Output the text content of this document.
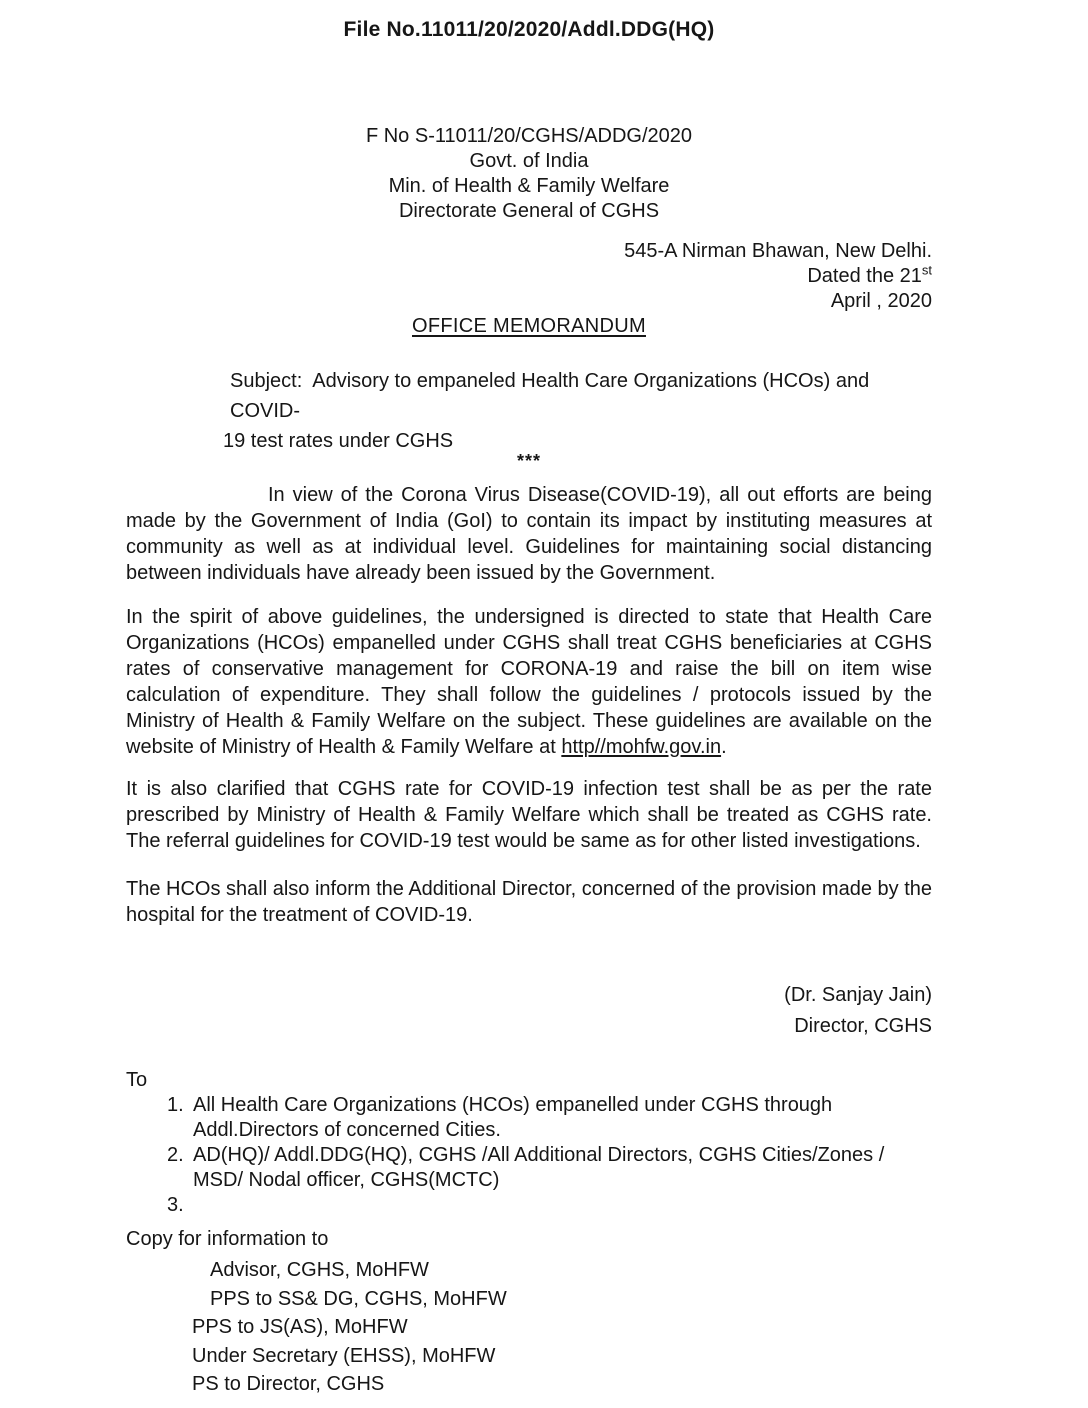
File No.11011/20/2020/Addl.DDG(HQ)
F No S-11011/20/CGHS/ADDG/2020
Govt. of India
Min. of Health & Family Welfare
Directorate General of CGHS
545-A Nirman Bhawan, New Delhi.
Dated the 21st
April , 2020
OFFICE MEMORANDUM
Subject:  Advisory to empaneled Health Care Organizations (HCOs) and COVID-
19 test rates under CGHS
***

In view of the Corona Virus Disease(COVID-19), all out efforts are being made by the Government of India (GoI) to contain its impact by instituting measures at community as well as at individual level. Guidelines for maintaining social distancing between individuals have already been issued by the Government.

In the spirit of above guidelines, the undersigned is directed to state that Health Care Organizations (HCOs) empanelled under CGHS shall treat CGHS beneficiaries at CGHS rates of conservative management for CORONA-19 and raise the bill on item wise calculation of expenditure. They shall follow the guidelines / protocols issued by the Ministry of Health & Family Welfare on the subject. These guidelines are available on the website of Ministry of Health & Family Welfare at http//mohfw.gov.in.

It is also clarified that CGHS rate for COVID-19 infection test shall be as per the rate prescribed by Ministry of Health & Family Welfare which shall be treated as CGHS rate. The referral guidelines for COVID-19 test would be same as for other listed investigations.

The HCOs shall also inform the Additional Director, concerned of the provision made by the hospital for the treatment of COVID-19.

(Dr. Sanjay Jain)
Director, CGHS
To
1. All Health Care Organizations (HCOs) empanelled under CGHS through Addl.Directors of concerned Cities.
2. AD(HQ)/ Addl.DDG(HQ), CGHS /All Additional Directors, CGHS Cities/Zones / MSD/ Nodal officer, CGHS(MCTC)
3.
Copy for information to
Advisor, CGHS, MoHFW
PPS to SS& DG, CGHS, MoHFW
PPS to JS(AS), MoHFW
Under Secretary (EHSS), MoHFW
PS to Director, CGHS
